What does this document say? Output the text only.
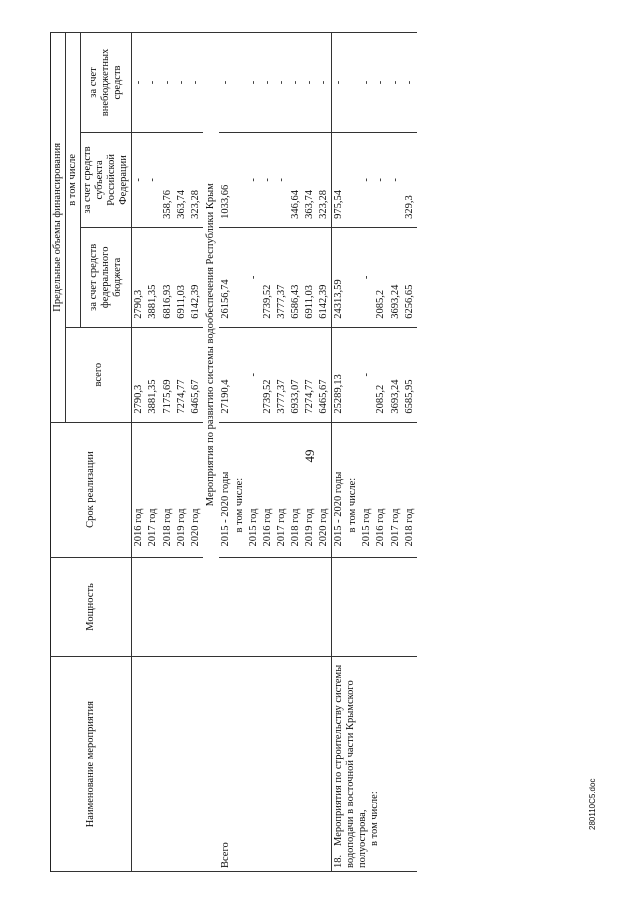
49
280110C5.doc
Наименование мероприятия	Мощность	Срок реализации	Предельные объемы финансирования			
			всего	в том числе		
				за счет средств федерального бюджета	за счет средств субъекта Российской Федерации	за счет внебюджетных средств
		2016 год	2790,3	2790,3	-	-
		2017 год	3881,35	3881,35	-	-
		2018 год	7175,69	6816,93	358,76	-
		2019 год	7274,77	6911,03	363,74	-
		2020 год	6465,67	6142,39	323,28	-
	Мероприятия по развитию системы водообеспечения Республики Крым					
Всего		2015 - 2020 годы	27190,4	26156,74	1033,66	-
		в том числе:				
		2015 год	-	-	-	-
		2016 год	2739,52	2739,52	-	-
		2017 год	3777,37	3777,37	-	-
		2018 год	6933,07	6586,43	346,64	-
		2019 год	7274,77	6911,03	363,74	-
		2020 год	6465,67	6142,39	323,28	-
18.Мероприятия по строительству системы водоподачи в восточной части Крымского полуострова,
в том числе:		2015 - 2020 годы	25289,13	24313,59	975,54	-
		в том числе:				
		2015 год	-	-	-	-
		2016 год	2085,2	2085,2	-	-
		2017 год	3693,24	3693,24	-	-
		2018 год	6585,95	6256,65	329,3	-
